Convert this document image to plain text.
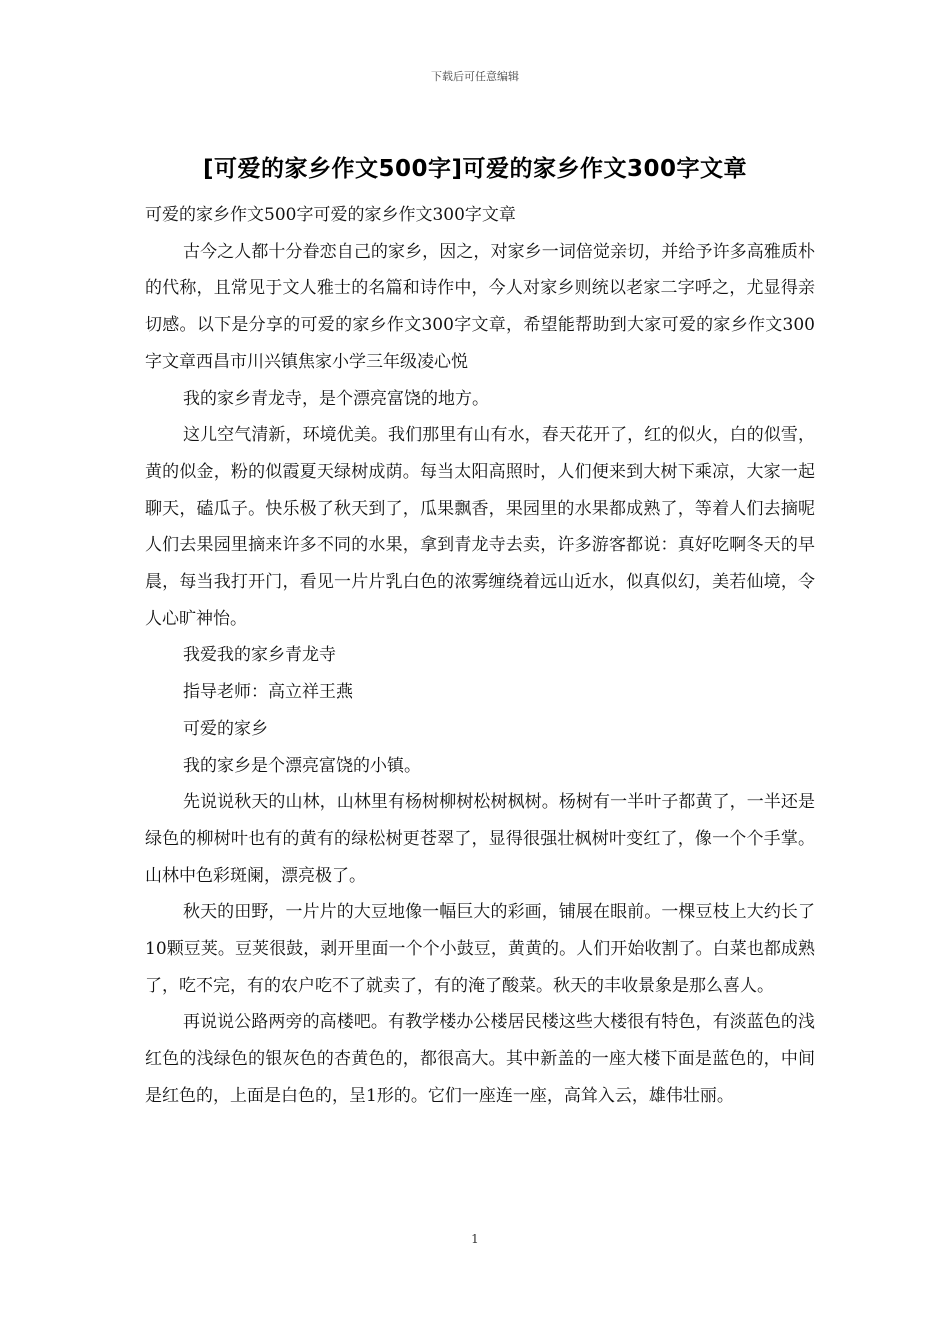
下载后可任意编辑
[可爱的家乡作文500字]可爱的家乡作文300字文章

可爱的家乡作文500字可爱的家乡作文300字文章

古今之人都十分眷恋自己的家乡，因之，对家乡一词倍觉亲切，并给予许多高雅质朴的代称，且常见于文人雅士的名篇和诗作中，今人对家乡则统以老家二字呼之，尤显得亲切感。以下是分享的可爱的家乡作文300字文章，希望能帮助到大家可爱的家乡作文300字文章西昌市川兴镇焦家小学三年级凌心悦

我的家乡青龙寺，是个漂亮富饶的地方。

这儿空气清新，环境优美。我们那里有山有水，春天花开了，红的似火，白的似雪，黄的似金，粉的似霞夏天绿树成荫。每当太阳高照时，人们便来到大树下乘凉，大家一起聊天，磕瓜子。快乐极了秋天到了，瓜果飘香，果园里的水果都成熟了，等着人们去摘呢人们去果园里摘来许多不同的水果，拿到青龙寺去卖，许多游客都说：真好吃啊冬天的早晨，每当我打开门，看见一片片乳白色的浓雾缠绕着远山近水，似真似幻，美若仙境，令人心旷神怡。

我爱我的家乡青龙寺

指导老师：高立祥王燕

可爱的家乡

我的家乡是个漂亮富饶的小镇。

先说说秋天的山林，山林里有杨树柳树松树枫树。杨树有一半叶子都黄了，一半还是绿色的柳树叶也有的黄有的绿松树更苍翠了，显得很强壮枫树叶变红了，像一个个手掌。山林中色彩斑阑，漂亮极了。

秋天的田野，一片片的大豆地像一幅巨大的彩画，铺展在眼前。一棵豆枝上大约长了10颗豆荚。豆荚很鼓，剥开里面一个个小鼓豆，黄黄的。人们开始收割了。白菜也都成熟了，吃不完，有的农户吃不了就卖了，有的淹了酸菜。秋天的丰收景象是那么喜人。

再说说公路两旁的高楼吧。有教学楼办公楼居民楼这些大楼很有特色，有淡蓝色的浅红色的浅绿色的银灰色的杏黄色的，都很高大。其中新盖的一座大楼下面是蓝色的，中间是红色的，上面是白色的，呈1形的。它们一座连一座，高耸入云，雄伟壮丽。

1
